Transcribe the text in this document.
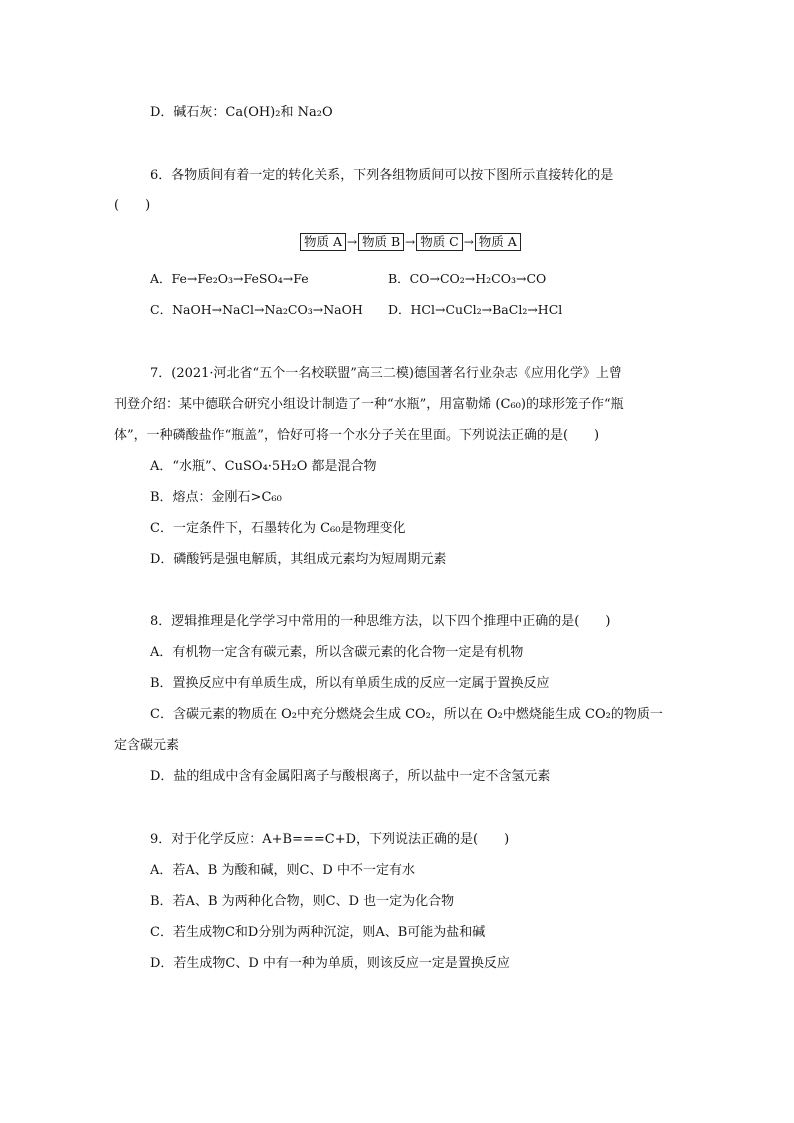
D．碱石灰：Ca(OH)₂和 Na₂O
6．各物质间有着一定的转化关系，下列各组物质间可以按下图所示直接转化的是
(　　)
物质 A → 物质 B → 物质 C → 物质 A
A．Fe→Fe₂O₃→FeSO₄→Fe	B．CO→CO₂→H₂CO₃→CO
C．NaOH→NaCl→Na₂CO₃→NaOH D．HCl→CuCl₂→BaCl₂→HCl
7．(2021·河北省“五个一名校联盟”高三二模)德国著名行业杂志《应用化学》上曾
刊登介绍：某中德联合研究小组设计制造了一种“水瓶”，用富勒烯 (C₆₀)的球形笼子作“瓶
体”，一种磷酸盐作“瓶盖”，恰好可将一个水分子关在里面。下列说法正确的是(　　)
A．“水瓶”、CuSO₄·5H₂O 都是混合物
B．熔点：金刚石>C₆₀
C．一定条件下，石墨转化为 C₆₀是物理变化
D．磷酸钙是强电解质，其组成元素均为短周期元素
8．逻辑推理是化学学习中常用的一种思维方法，以下四个推理中正确的是(　　)
A．有机物一定含有碳元素，所以含碳元素的化合物一定是有机物
B．置换反应中有单质生成，所以有单质生成的反应一定属于置换反应
C．含碳元素的物质在 O₂中充分燃烧会生成 CO₂，所以在 O₂中燃烧能生成 CO₂的物质一
定含碳元素
D．盐的组成中含有金属阳离子与酸根离子，所以盐中一定不含氢元素
9．对于化学反应：A+B===C+D，下列说法正确的是(　　)
A．若A、B 为酸和碱，则C、D 中不一定有水
B．若A、B 为两种化合物，则C、D 也一定为化合物
C．若生成物C和D分别为两种沉淀，则A、B可能为盐和碱
D．若生成物C、D 中有一种为单质，则该反应一定是置换反应
